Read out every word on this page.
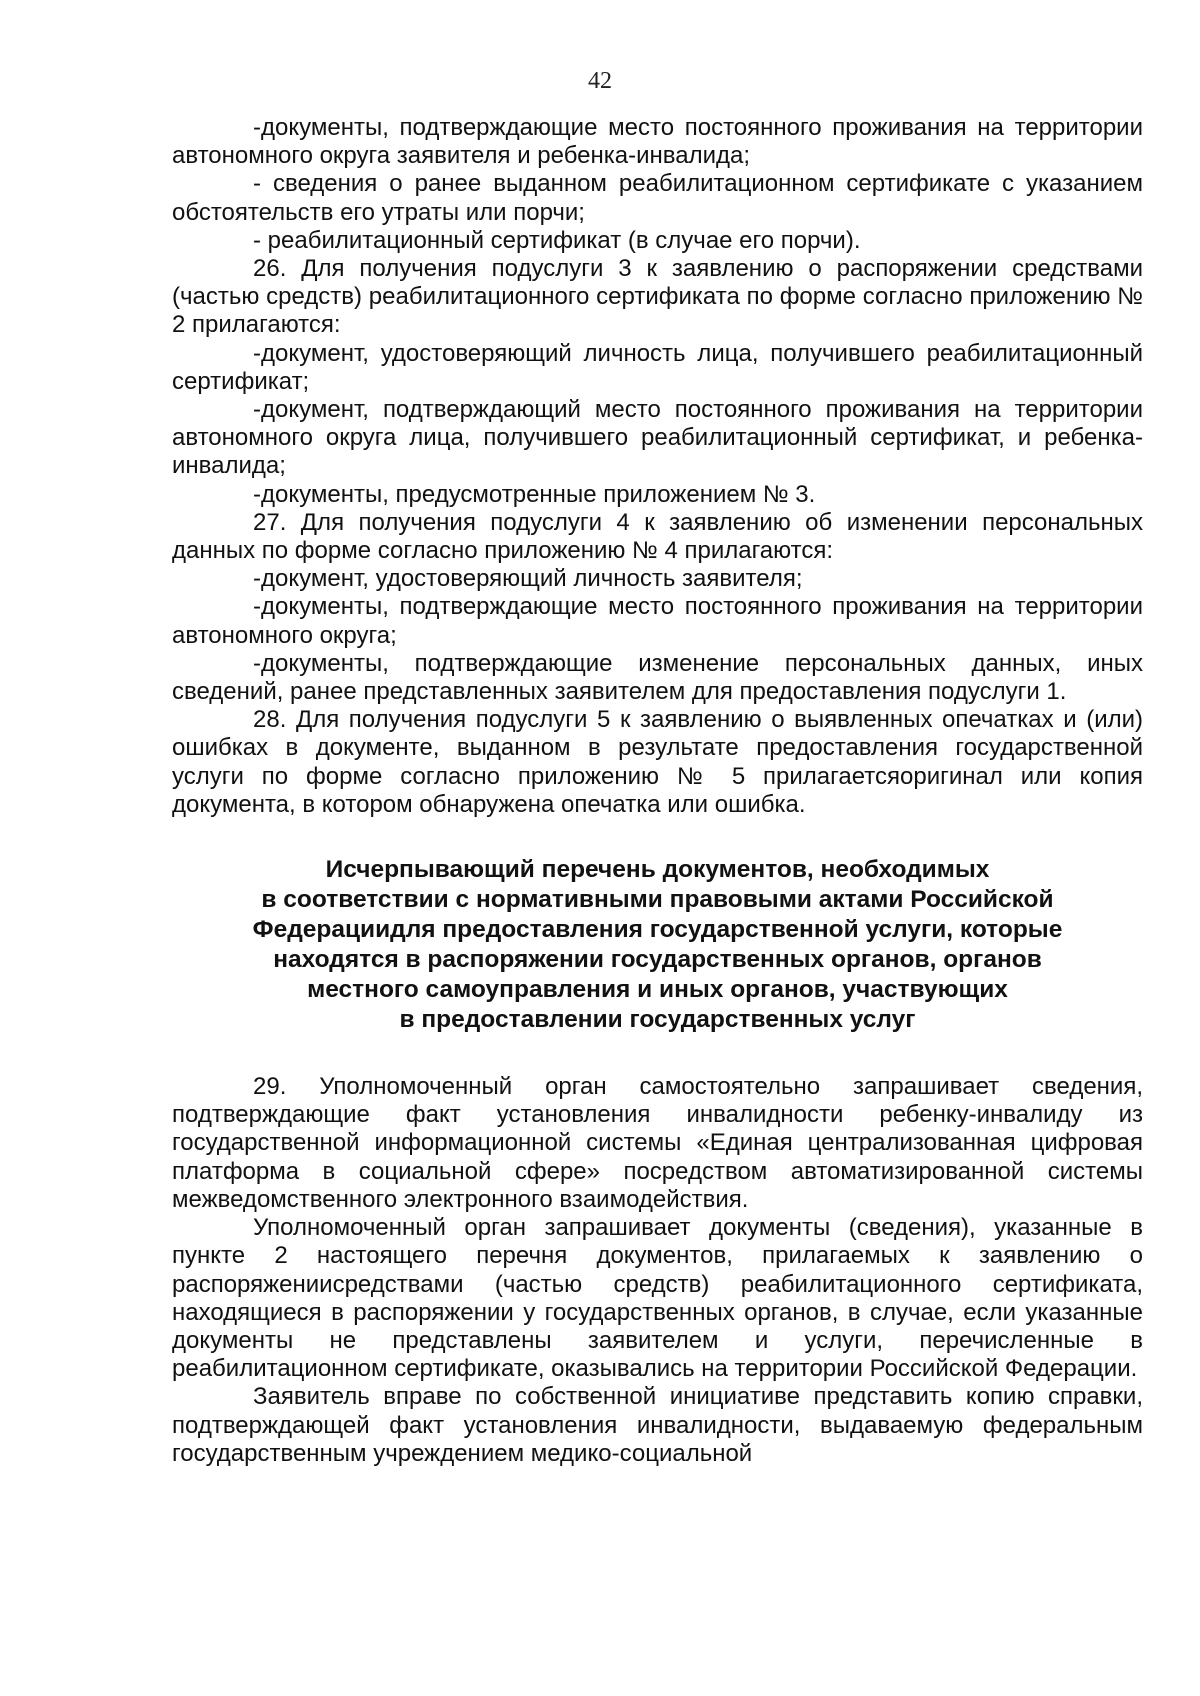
42

-документы, подтверждающие место постоянного проживания на территории автономного округа заявителя и ребенка-инвалида;

- сведения о ранее выданном реабилитационном сертификате с указанием обстоятельств его утраты или порчи;

- реабилитационный сертификат (в случае его порчи).

26. Для получения подуслуги 3 к заявлению о распоряжении средствами (частью средств) реабилитационного сертификата по форме согласно приложению № 2 прилагаются:

-документ, удостоверяющий личность лица, получившего реабилитационный сертификат;

-документ, подтверждающий место постоянного проживания на территории автономного округа лица, получившего реабилитационный сертификат, и ребенка-инвалида;

-документы, предусмотренные приложением № 3.

27. Для получения подуслуги 4 к заявлению об изменении персональных данных по форме согласно приложению № 4 прилагаются:

-документ, удостоверяющий личность заявителя;

-документы, подтверждающие место постоянного проживания на территории автономного округа;

-документы, подтверждающие изменение персональных данных, иных сведений, ранее представленных заявителем для предоставления подуслуги 1.

28. Для получения подуслуги 5 к заявлению о выявленных опечатках и (или) ошибках в документе, выданном в результате предоставления государственной услуги по форме согласно приложению № 5 прилагаетсяоригинал или копия документа, в котором обнаружена опечатка или ошибка.

Исчерпывающий перечень документов, необходимых
в соответствии с нормативными правовыми актами Российской
Федерациидля предоставления государственной услуги, которые
находятся в распоряжении государственных органов, органов
местного самоуправления и иных органов, участвующих
в предоставлении государственных услуг

29. Уполномоченный орган самостоятельно запрашивает сведения, подтверждающие факт установления инвалидности ребенку-инвалиду из государственной информационной системы «Единая централизованная цифровая платформа в социальной сфере» посредством автоматизированной системы межведомственного электронного взаимодействия.

Уполномоченный орган запрашивает документы (сведения), указанные в пункте 2 настоящего перечня документов, прилагаемых к заявлению о распоряжениисредствами (частью средств) реабилитационного сертификата, находящиеся в распоряжении у государственных органов, в случае, если указанные документы не представлены заявителем и услуги, перечисленные в реабилитационном сертификате, оказывались на территории Российской Федерации.

Заявитель вправе по собственной инициативе представить копию справки, подтверждающей факт установления инвалидности, выдаваемую федеральным государственным учреждением медико-социальной
